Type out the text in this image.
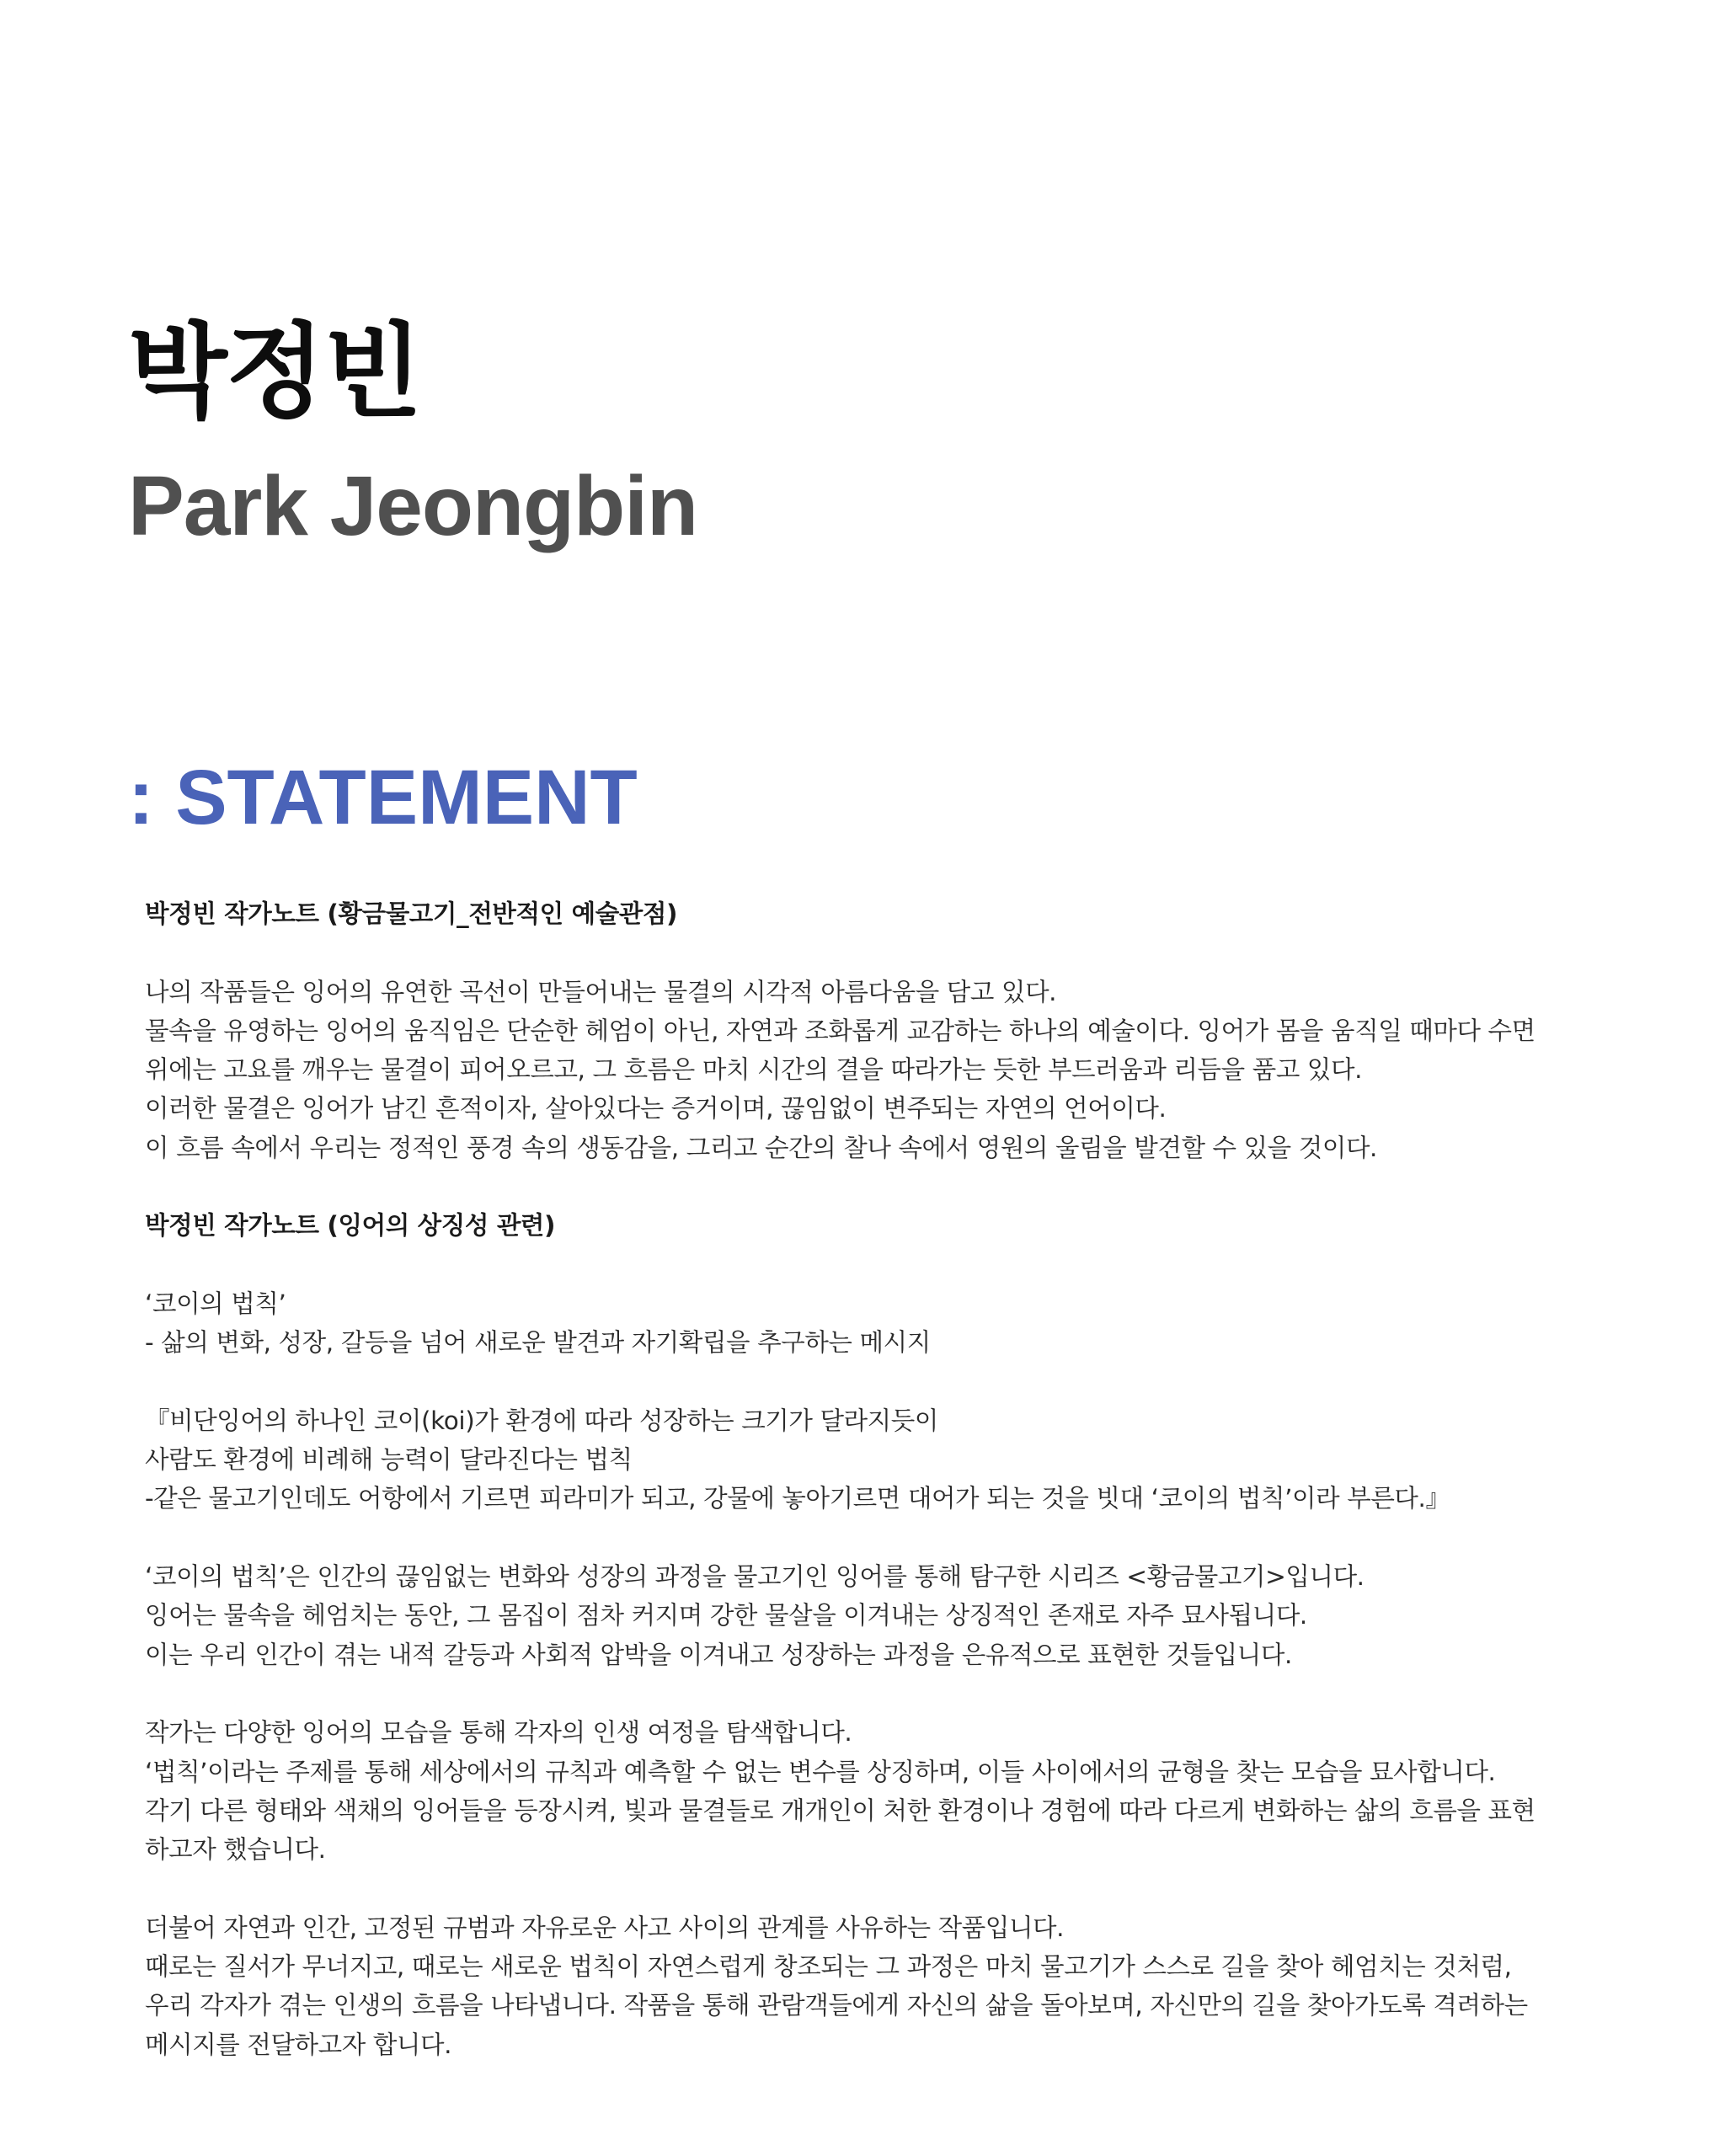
박정빈
Park Jeongbin
: STATEMENT
박정빈 작가노트 (황금물고기_전반적인 예술관점)
나의 작품들은 잉어의 유연한 곡선이 만들어내는 물결의 시각적 아름다움을 담고 있다.
물속을 유영하는 잉어의 움직임은 단순한 헤엄이 아닌, 자연과 조화롭게 교감하는 하나의 예술이다. 잉어가 몸을 움직일 때마다 수면
위에는 고요를 깨우는 물결이 피어오르고, 그 흐름은 마치 시간의 결을 따라가는 듯한 부드러움과 리듬을 품고 있다.
이러한 물결은 잉어가 남긴 흔적이자, 살아있다는 증거이며, 끊임없이 변주되는 자연의 언어이다.
이 흐름 속에서 우리는 정적인 풍경 속의 생동감을, 그리고 순간의 찰나 속에서 영원의 울림을 발견할 수 있을 것이다.
박정빈 작가노트 (잉어의 상징성 관련)
‘코이의 법칙’
- 삶의 변화, 성장, 갈등을 넘어 새로운 발견과 자기확립을 추구하는 메시지
『비단잉어의 하나인 코이(koi)가 환경에 따라 성장하는 크기가 달라지듯이
사람도 환경에 비례해 능력이 달라진다는 법칙
-같은 물고기인데도 어항에서 기르면 피라미가 되고, 강물에 놓아기르면 대어가 되는 것을 빗대 ‘코이의 법칙’이라 부른다.』
‘코이의 법칙’은 인간의 끊임없는 변화와 성장의 과정을 물고기인 잉어를 통해 탐구한 시리즈 <황금물고기>입니다.
잉어는 물속을 헤엄치는 동안, 그 몸집이 점차 커지며 강한 물살을 이겨내는 상징적인 존재로 자주 묘사됩니다.
이는 우리 인간이 겪는 내적 갈등과 사회적 압박을 이겨내고 성장하는 과정을 은유적으로 표현한 것들입니다.
작가는 다양한 잉어의 모습을 통해 각자의 인생 여정을 탐색합니다.
‘법칙’이라는 주제를 통해 세상에서의 규칙과 예측할 수 없는 변수를 상징하며, 이들 사이에서의 균형을 찾는 모습을 묘사합니다.
각기 다른 형태와 색채의 잉어들을 등장시켜, 빛과 물결들로 개개인이 처한 환경이나 경험에 따라 다르게 변화하는 삶의 흐름을 표현
하고자 했습니다.
더불어 자연과 인간, 고정된 규범과 자유로운 사고 사이의 관계를 사유하는 작품입니다.
때로는 질서가 무너지고, 때로는 새로운 법칙이 자연스럽게 창조되는 그 과정은 마치 물고기가 스스로 길을 찾아 헤엄치는 것처럼,
우리 각자가 겪는 인생의 흐름을 나타냅니다. 작품을 통해 관람객들에게 자신의 삶을 돌아보며, 자신만의 길을 찾아가도록 격려하는
메시지를 전달하고자 합니다.
